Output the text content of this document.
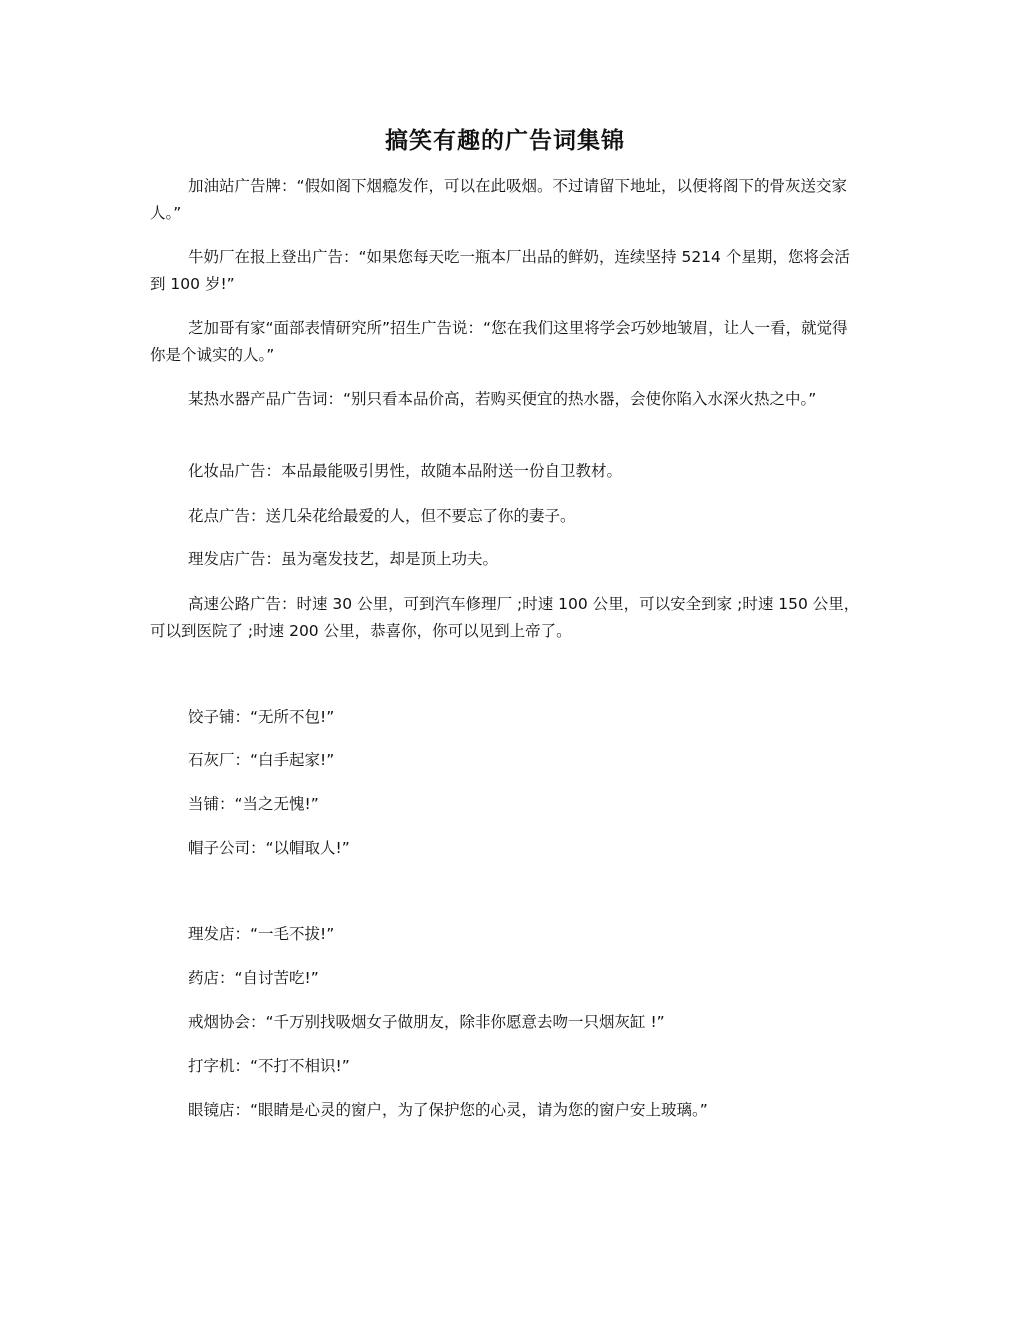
搞笑有趣的广告词集锦
加油站广告牌：“假如阁下烟瘾发作，可以在此吸烟。不过请留下地址，以便将阁下的骨灰送交家人。”
牛奶厂在报上登出广告：“如果您每天吃一瓶本厂出品的鲜奶，连续坚持 5214 个星期，您将会活到 100 岁!”
芝加哥有家“面部表情研究所”招生广告说：“您在我们这里将学会巧妙地皱眉，让人一看，就觉得你是个诚实的人。”
某热水器产品广告词：“别只看本品价高，若购买便宜的热水器，会使你陷入水深火热之中。”
化妆品广告：本品最能吸引男性，故随本品附送一份自卫教材。
花点广告：送几朵花给最爱的人，但不要忘了你的妻子。
理发店广告：虽为毫发技艺，却是顶上功夫。
高速公路广告：时速 30 公里，可到汽车修理厂 ;时速 100 公里，可以安全到家 ;时速 150 公里，可以到医院了 ;时速 200 公里，恭喜你，你可以见到上帝了。
饺子铺：“无所不包!”
石灰厂：“白手起家!”
当铺：“当之无愧!”
帽子公司：“以帽取人!”
理发店：“一毛不拔!”
药店：“自讨苦吃!”
戒烟协会：“千万别找吸烟女子做朋友，除非你愿意去吻一只烟灰缸 !”
打字机：“不打不相识!”
眼镜店：“眼睛是心灵的窗户，为了保护您的心灵，请为您的窗户安上玻璃。”
